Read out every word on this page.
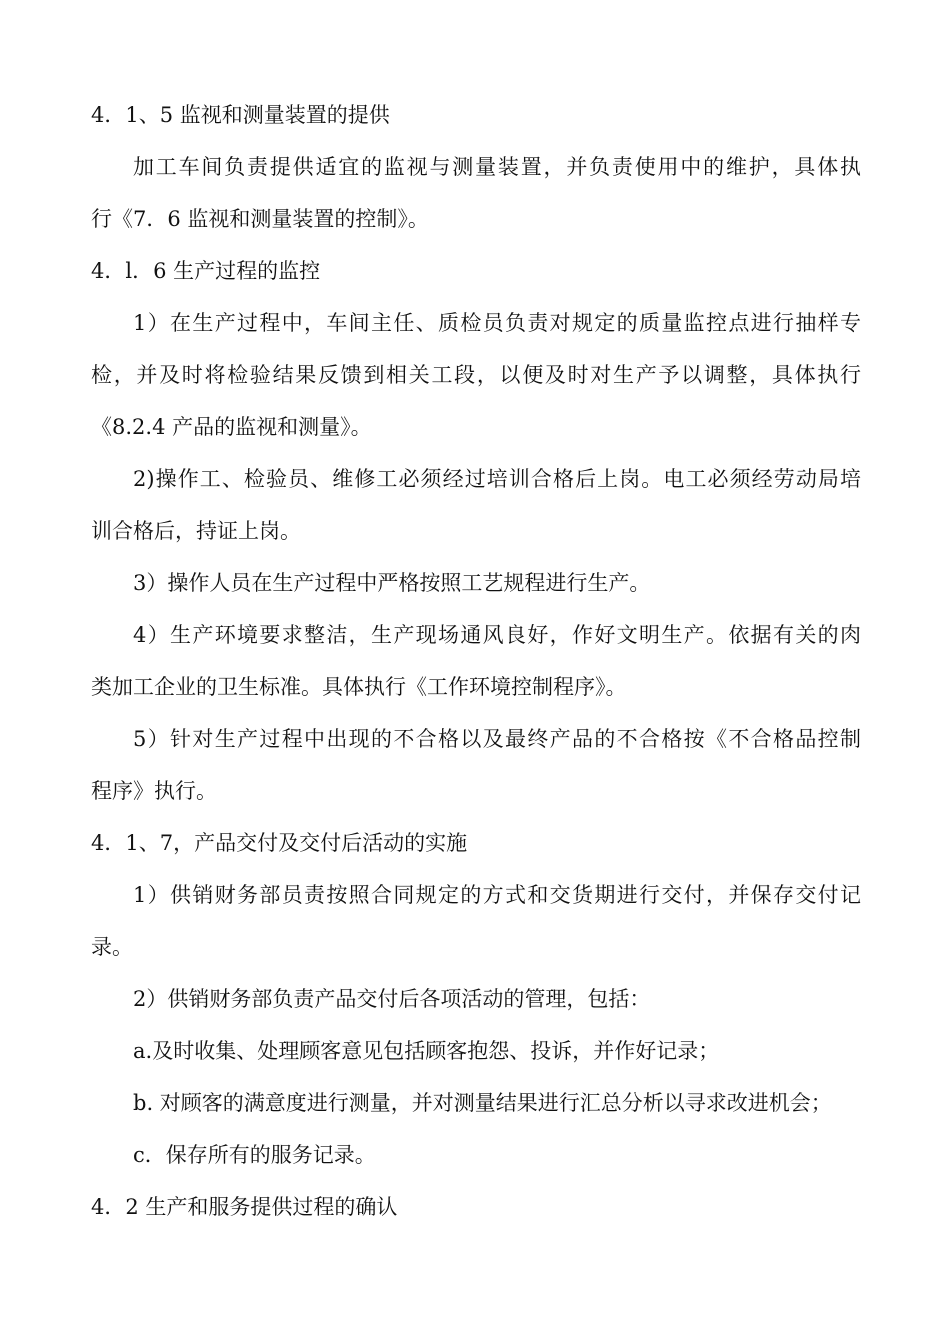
4．1、5 监视和测量装置的提供
加工车间负责提供适宜的监视与测量装置，并负责使用中的维护，具体执
行《7．6 监视和测量装置的控制》。
4．l．6 生产过程的监控
1）在生产过程中，车间主任、质检员负责对规定的质量监控点进行抽样专
检，并及时将检验结果反馈到相关工段，以便及时对生产予以调整，具体执行
《8.2.4 产品的监视和测量》。
2)操作工、检验员、维修工必须经过培训合格后上岗。电工必须经劳动局培
训合格后，持证上岗。
3）操作人员在生产过程中严格按照工艺规程进行生产。
4）生产环境要求整洁，生产现场通风良好，作好文明生产。依据有关的肉
类加工企业的卫生标准。具体执行《工作环境控制程序》。
5）针对生产过程中出现的不合格以及最终产品的不合格按《不合格品控制
程序》执行。
4．1、7，产品交付及交付后活动的实施
1）供销财务部员责按照合同规定的方式和交货期进行交付，并保存交付记
录。
2）供销财务部负责产品交付后各项活动的管理，包括：
a.及时收集、处理顾客意见包括顾客抱怨、投诉，并作好记录；
b. 对顾客的满意度进行测量，并对测量结果进行汇总分析以寻求改进机会；
c．保存所有的服务记录。
4．2 生产和服务提供过程的确认
